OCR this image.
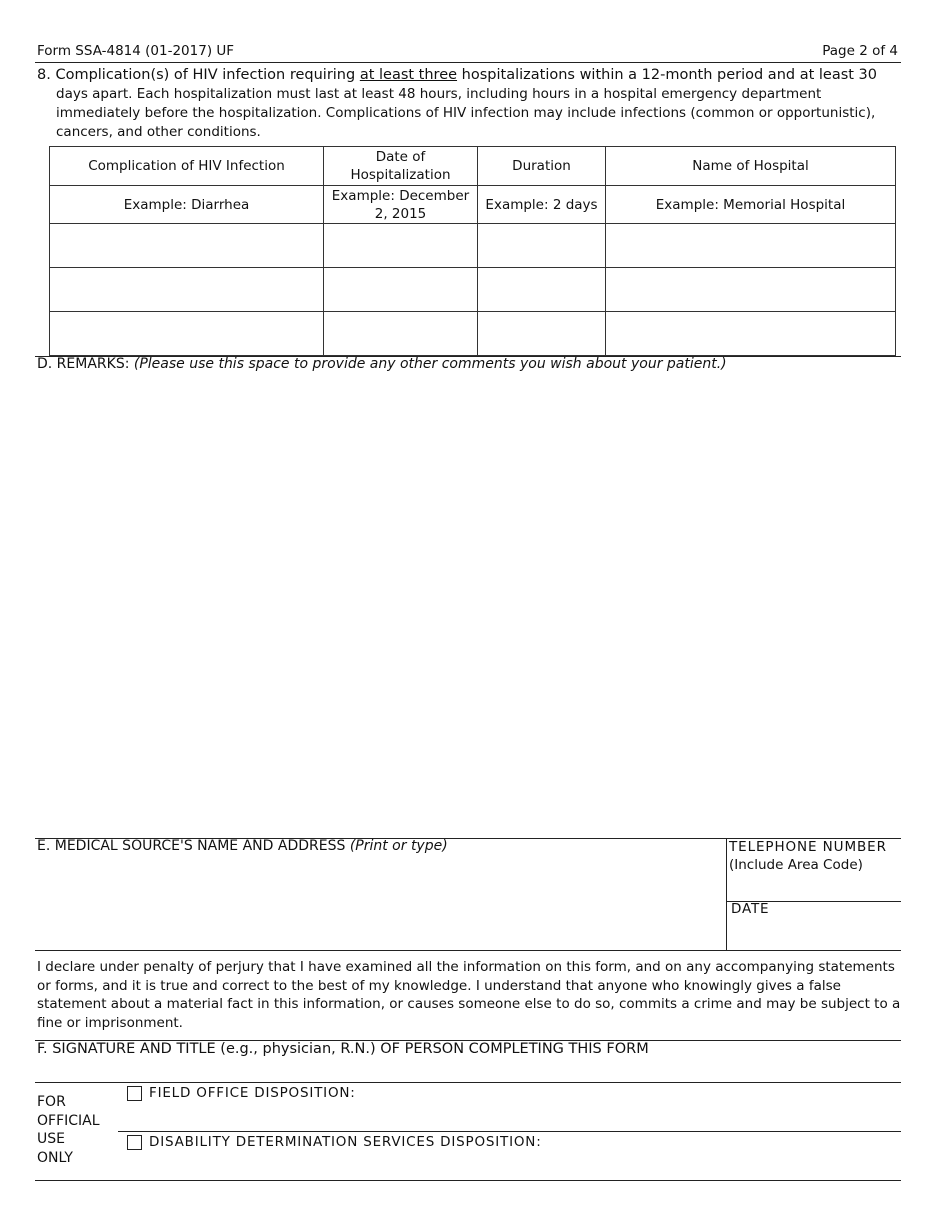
Form SSA-4814 (01-2017) UF	Page 2 of 4
8. Complication(s) of HIV infection requiring at least three hospitalizations within a 12-month period and at least 30
days apart. Each hospitalization must last at least 48 hours, including hours in a hospital emergency department immediately before the hospitalization. Complications of HIV infection may include infections (common or opportunistic), cancers, and other conditions.
Complication of HIV Infection	Date of Hospitalization	Duration	Name of Hospital
Example: Diarrhea	Example: December 2, 2015	Example: 2 days	Example: Memorial Hospital

D. REMARKS: (Please use this space to provide any other comments you wish about your patient.)
E. MEDICAL SOURCE'S NAME AND ADDRESS (Print or type)	TELEPHONE NUMBER
(Include Area Code)
DATE
I declare under penalty of perjury that I have examined all the information on this form, and on any accompanying statements or forms, and it is true and correct to the best of my knowledge. I understand that anyone who knowingly gives a false statement about a material fact in this information, or causes someone else to do so, commits a crime and may be subject to a fine or imprisonment.
F. SIGNATURE AND TITLE (e.g., physician, R.N.) OF PERSON COMPLETING THIS FORM
FOR
OFFICIAL
USE
ONLY
FIELD OFFICE DISPOSITION:
DISABILITY DETERMINATION SERVICES DISPOSITION:
